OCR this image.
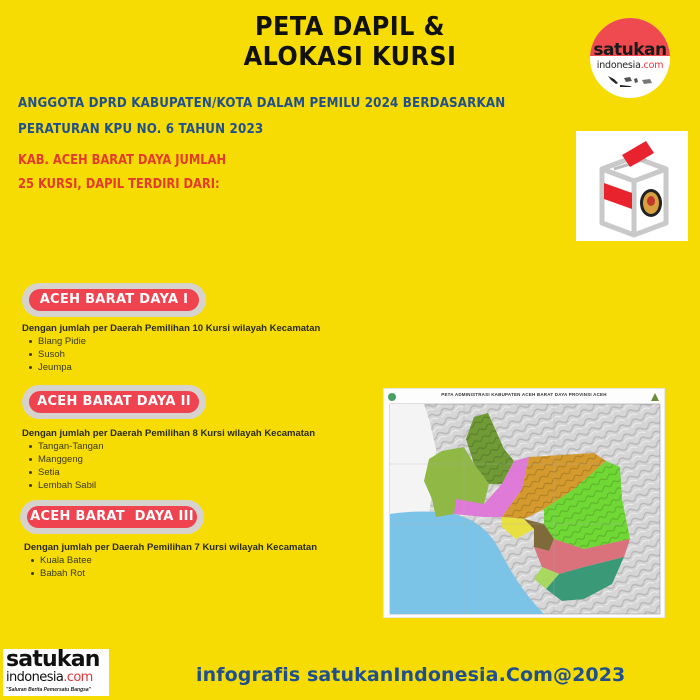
PETA DAPIL &
ALOKASI KURSI	satukan
indonesia.com
ANGGOTA DPRD KABUPATEN/KOTA DALAM PEMILU 2024 BERDASARKAN
PERATURAN KPU NO. 6 TAHUN 2023
KAB. ACEH BARAT DAYA JUMLAH
25 KURSI, DAPIL TERDIRI DARI:
ACEH BARAT DAYA I
Dengan jumlah per Daerah Pemilihan 10 Kursi wilayah Kecamatan
Blang Pidie
Susoh
Jeumpa
ACEH BARAT DAYA II
Dengan jumlah per Daerah Pemilihan 8 Kursi wilayah Kecamatan
Tangan-Tangan
Manggeng
Setia
Lembah Sabil
ACEH BARAT  DAYA III
Dengan jumlah per Daerah Pemilihan 7 Kursi wilayah Kecamatan
Kuala Batee
Babah Rot
PETA ADMINISTRASI KABUPATEN ACEH BARAT DAYA PROVINSI ACEH
satukan
indonesia.com
"Saluran Berita Pemersatu Bangsa"
infografis satukanIndonesia.Com@2023
